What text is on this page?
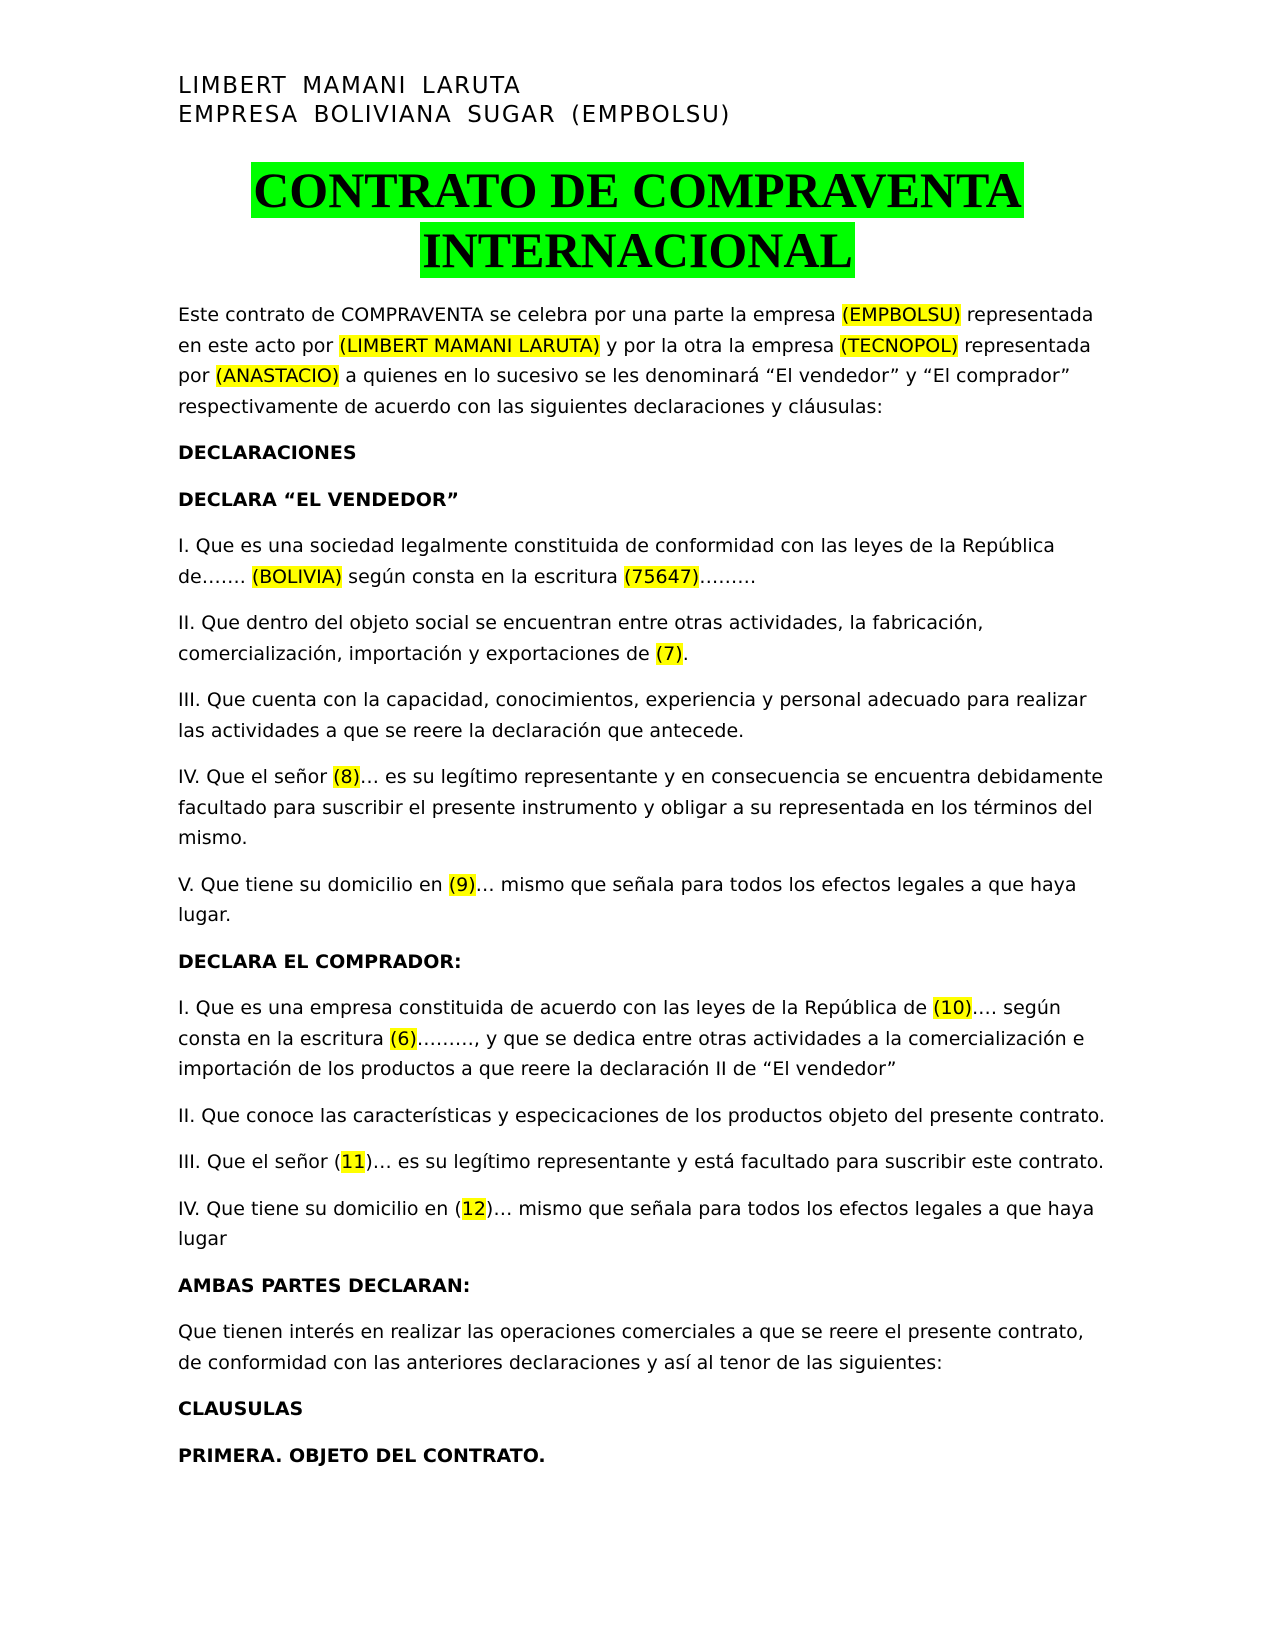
LIMBERT MAMANI LARUTA
EMPRESA BOLIVIANA SUGAR (EMPBOLSU)
CONTRATO DE COMPRAVENTA
INTERNACIONAL

Este contrato de COMPRAVENTA se celebra por una parte la empresa (EMPBOLSU) representada en este acto por (LIMBERT MAMANI LARUTA) y por la otra la empresa (TECNOPOL) representada por (ANASTACIO) a quienes en lo sucesivo se les denominará “El vendedor” y “El comprador” respectivamente de acuerdo con las siguientes declaraciones y cláusulas:

DECLARACIONES

DECLARA “EL VENDEDOR”

I. Que es una sociedad legalmente constituida de conformidad con las leyes de la República de……. (BOLIVIA) según consta en la escritura (75647)………

II. Que dentro del objeto social se encuentran entre otras actividades, la fabricación, comercialización, importación y exportaciones de (7).

III. Que cuenta con la capacidad, conocimientos, experiencia y personal adecuado para realizar las actividades a que se reere la declaración que antecede.

IV. Que el señor (8)… es su legítimo representante y en consecuencia se encuentra debidamente facultado para suscribir el presente instrumento y obligar a su representada en los términos del mismo.

V. Que tiene su domicilio en (9)… mismo que señala para todos los efectos legales a que haya lugar.

DECLARA EL COMPRADOR:

I. Que es una empresa constituida de acuerdo con las leyes de la República de (10).… según consta en la escritura (6)………, y que se dedica entre otras actividades a la comercialización e importación de los productos a que reere la declaración II de “El vendedor”

II. Que conoce las características y especicaciones de los productos objeto del presente contrato.

III. Que el señor (11)… es su legítimo representante y está facultado para suscribir este contrato.

IV. Que tiene su domicilio en (12)… mismo que señala para todos los efectos legales a que haya lugar

AMBAS PARTES DECLARAN:

Que tienen interés en realizar las operaciones comerciales a que se reere el presente contrato, de conformidad con las anteriores declaraciones y así al tenor de las siguientes:

CLAUSULAS

PRIMERA. OBJETO DEL CONTRATO.
